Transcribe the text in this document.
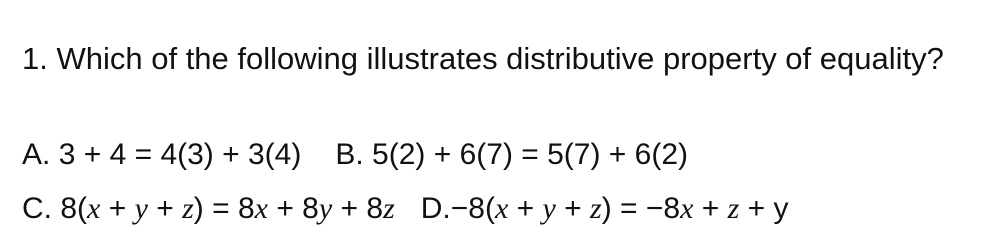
1. Which of the following illustrates distributive property of equality?
A. 3 + 4 = 4(3) + 3(4) B. 5(2) + 6(7) = 5(7) + 6(2)
C. 8(x + y + z) = 8x + 8y + 8z D.−8(x + y + z) = −8x + z + y
